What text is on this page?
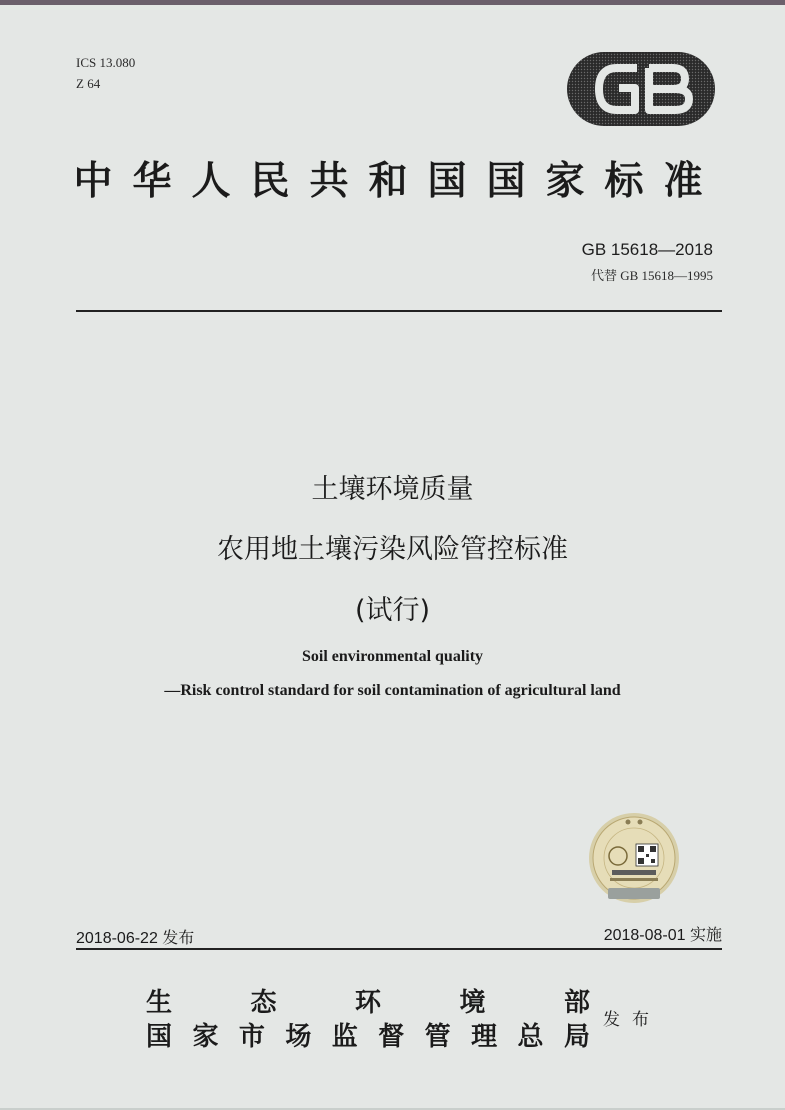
ICS 13.080
Z 64
中华人民共和国国家标准
GB 15618—2018
代替 GB 15618—1995
土壤环境质量
农用地土壤污染风险管控标准
(试行)
Soil environmental quality
—Risk control standard for soil contamination of agricultural land
2018-06-22 发布	2018-08-01 实施
生	态	环	境	部
国 家 市 场 监 督 管 理 总 局
发布
